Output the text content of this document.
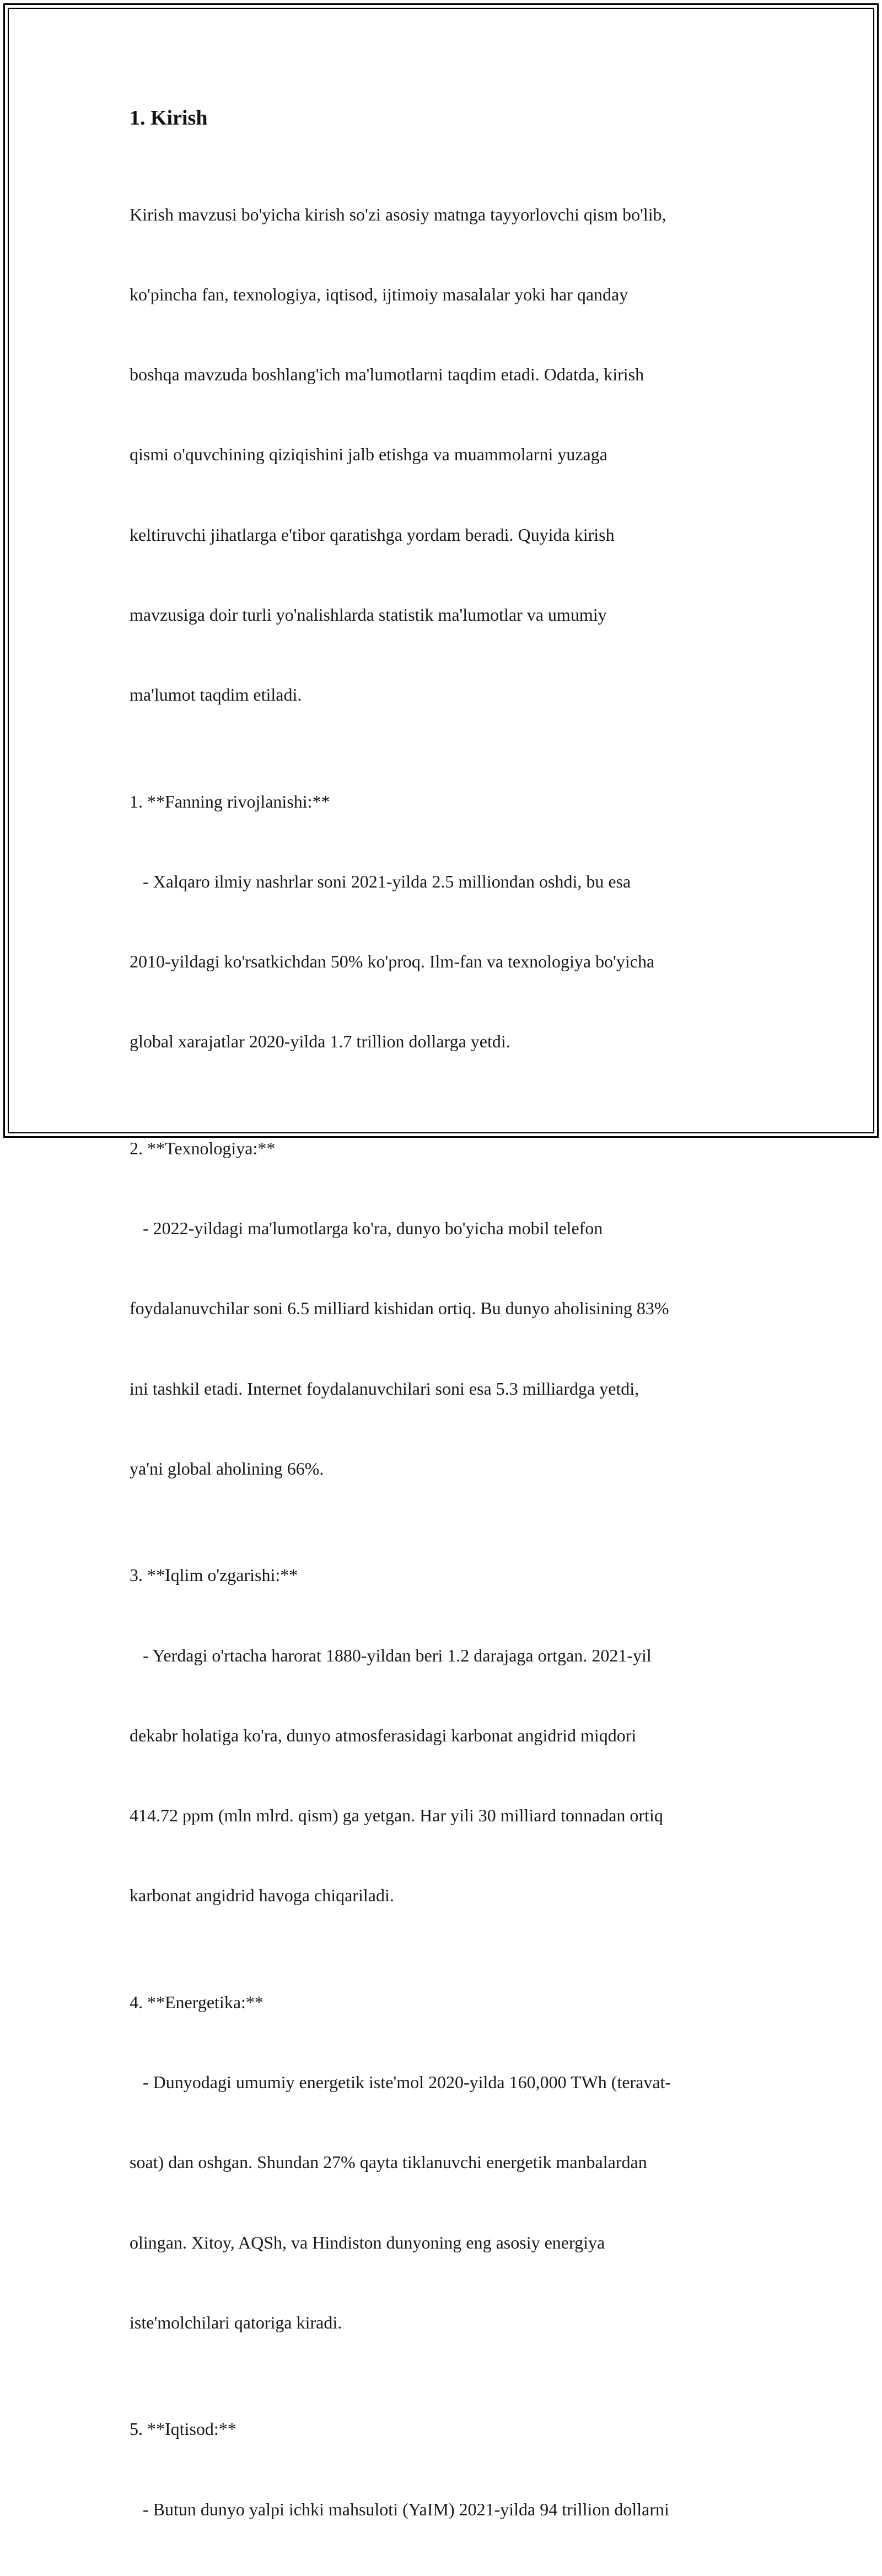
1. Kirish

Kirish mavzusi bo'yicha kirish so'zi asosiy matnga tayyorlovchi qism bo'lib,

ko'pincha fan, texnologiya, iqtisod, ijtimoiy masalalar yoki har qanday

boshqa mavzuda boshlang'ich ma'lumotlarni taqdim etadi. Odatda, kirish

qismi o'quvchining qiziqishini jalb etishga va muammolarni yuzaga

keltiruvchi jihatlarga e'tibor qaratishga yordam beradi. Quyida kirish

mavzusiga doir turli yo'nalishlarda statistik ma'lumotlar va umumiy

ma'lumot taqdim etiladi.

1. **Fanning rivojlanishi:**

- Xalqaro ilmiy nashrlar soni 2021-yilda 2.5 milliondan oshdi, bu esa

2010-yildagi ko'rsatkichdan 50% ko'proq. Ilm-fan va texnologiya bo'yicha

global xarajatlar 2020-yilda 1.7 trillion dollarga yetdi.

2. **Texnologiya:**

- 2022-yildagi ma'lumotlarga ko'ra, dunyo bo'yicha mobil telefon

foydalanuvchilar soni 6.5 milliard kishidan ortiq. Bu dunyo aholisining 83%

ini tashkil etadi. Internet foydalanuvchilari soni esa 5.3 milliardga yetdi,

ya'ni global aholining 66%.

3. **Iqlim o'zgarishi:**

- Yerdagi o'rtacha harorat 1880-yildan beri 1.2 darajaga ortgan. 2021-yil

dekabr holatiga ko'ra, dunyo atmosferasidagi karbonat angidrid miqdori

414.72 ppm (mln mlrd. qism) ga yetgan. Har yili 30 milliard tonnadan ortiq

karbonat angidrid havoga chiqariladi.

4. **Energetika:**

- Dunyodagi umumiy energetik iste'mol 2020-yilda 160,000 TWh (teravat-

soat) dan oshgan. Shundan 27% qayta tiklanuvchi energetik manbalardan

olingan. Xitoy, AQSh, va Hindiston dunyoning eng asosiy energiya

iste'molchilari qatoriga kiradi.

5. **Iqtisod:**

- Butun dunyo yalpi ichki mahsuloti (YaIM) 2021-yilda 94 trillion dollarni
